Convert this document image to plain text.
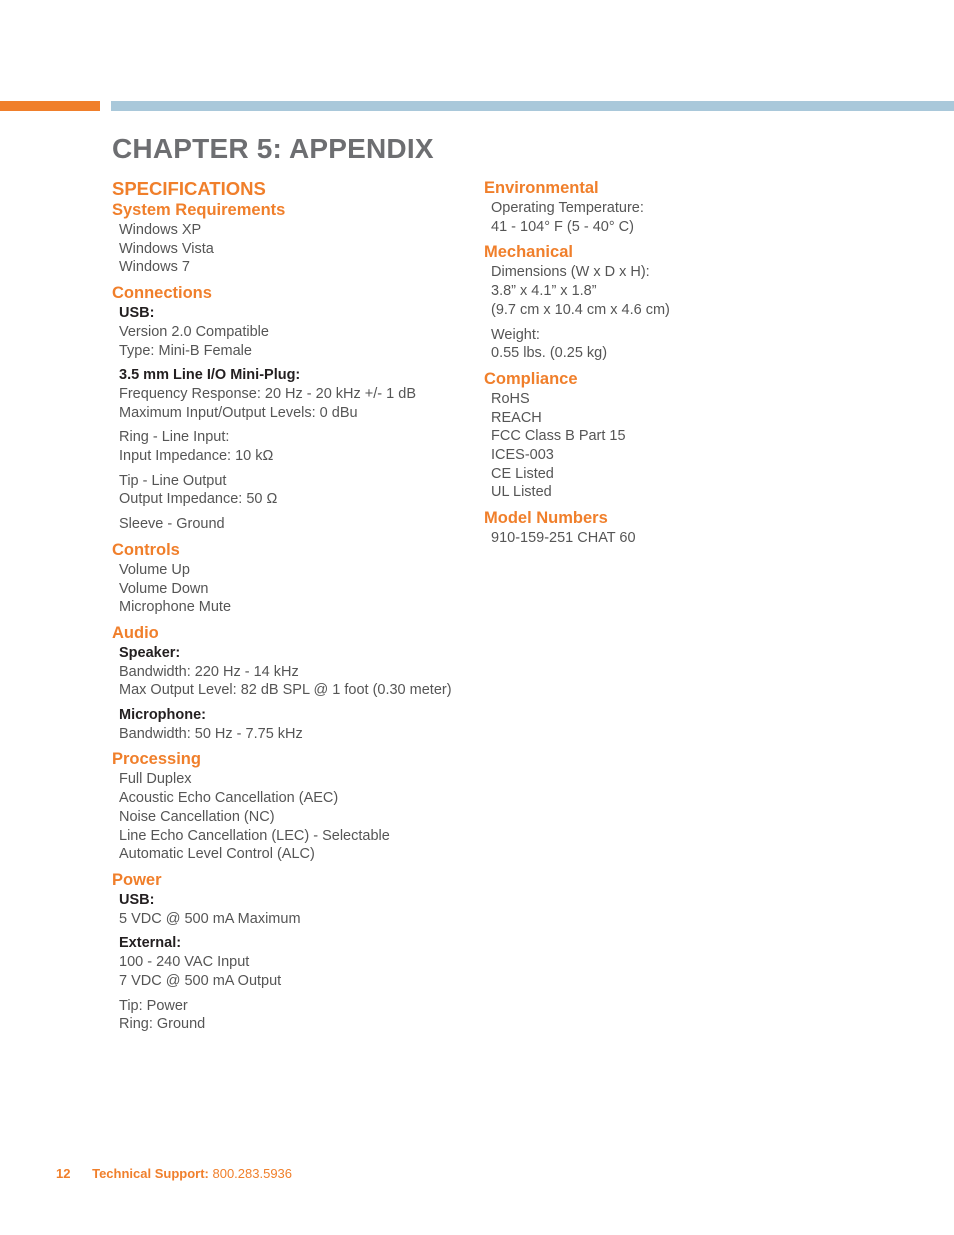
CHAPTER 5: APPENDIX
SPECIFICATIONS
System Requirements
Windows XP
Windows Vista
Windows 7
Connections
USB:
Version 2.0 Compatible
Type: Mini-B Female
3.5 mm Line I/O Mini-Plug:
Frequency Response: 20 Hz - 20 kHz +/- 1 dB
Maximum Input/Output Levels: 0 dBu
Ring - Line Input:
Input Impedance: 10 kΩ
Tip - Line Output
Output Impedance: 50 Ω
Sleeve - Ground
Controls
Volume Up
Volume Down
Microphone Mute
Audio
Speaker:
Bandwidth: 220 Hz - 14 kHz
Max Output Level: 82 dB SPL @ 1 foot (0.30 meter)
Microphone:
Bandwidth: 50 Hz - 7.75 kHz
Processing
Full Duplex
Acoustic Echo Cancellation (AEC)
Noise Cancellation (NC)
Line Echo Cancellation (LEC) - Selectable
Automatic Level Control (ALC)
Power
USB:
5 VDC @ 500 mA Maximum
External:
100 - 240 VAC Input
7 VDC @ 500 mA Output
Tip: Power
Ring: Ground
Environmental
Operating Temperature:
41 - 104° F (5 - 40° C)
Mechanical
Dimensions (W x D x H):
3.8” x 4.1” x 1.8”
(9.7 cm x 10.4 cm x 4.6 cm)
Weight:
0.55 lbs. (0.25 kg)
Compliance
RoHS
REACH
FCC Class B Part 15
ICES-003
CE Listed
UL Listed
Model Numbers
910-159-251 CHAT 60
12 Technical Support: 800.283.5936
